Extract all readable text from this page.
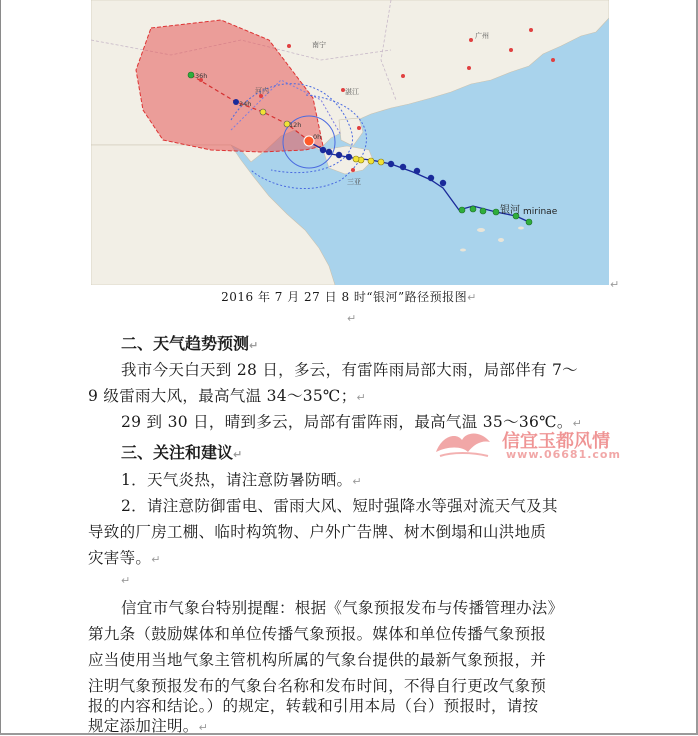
南宁
广州
河内
三亚
湛江
36h
24h
12h
0h
银河 mirinae
↵
2016 年 7 月 27 日 8 时“银河”路径预报图↵
↵
二、天气趋势预测↵
我市今天白天到 28 日，多云，有雷阵雨局部大雨，局部伴有 7～
9 级雷雨大风，最高气温 34～35℃；↵
29 到 30 日，晴到多云，局部有雷阵雨，最高气温 35～36℃。↵
信宜玉都风情
www.06681.com
三、关注和建议↵
1．天气炎热，请注意防暑防晒。↵
2．请注意防御雷电、雷雨大风、短时强降水等强对流天气及其
导致的厂房工棚、临时构筑物、户外广告牌、树木倒塌和山洪地质
灾害等。↵
↵
信宜市气象台特别提醒：根据《气象预报发布与传播管理办法》
第九条（鼓励媒体和单位传播气象预报。媒体和单位传播气象预报
应当使用当地气象主管机构所属的气象台提供的最新气象预报，并
注明气象预报发布的气象台名称和发布时间，不得自行更改气象预
报的内容和结论。）的规定，转载和引用本局（台）预报时，请按
规定添加注明。↵
